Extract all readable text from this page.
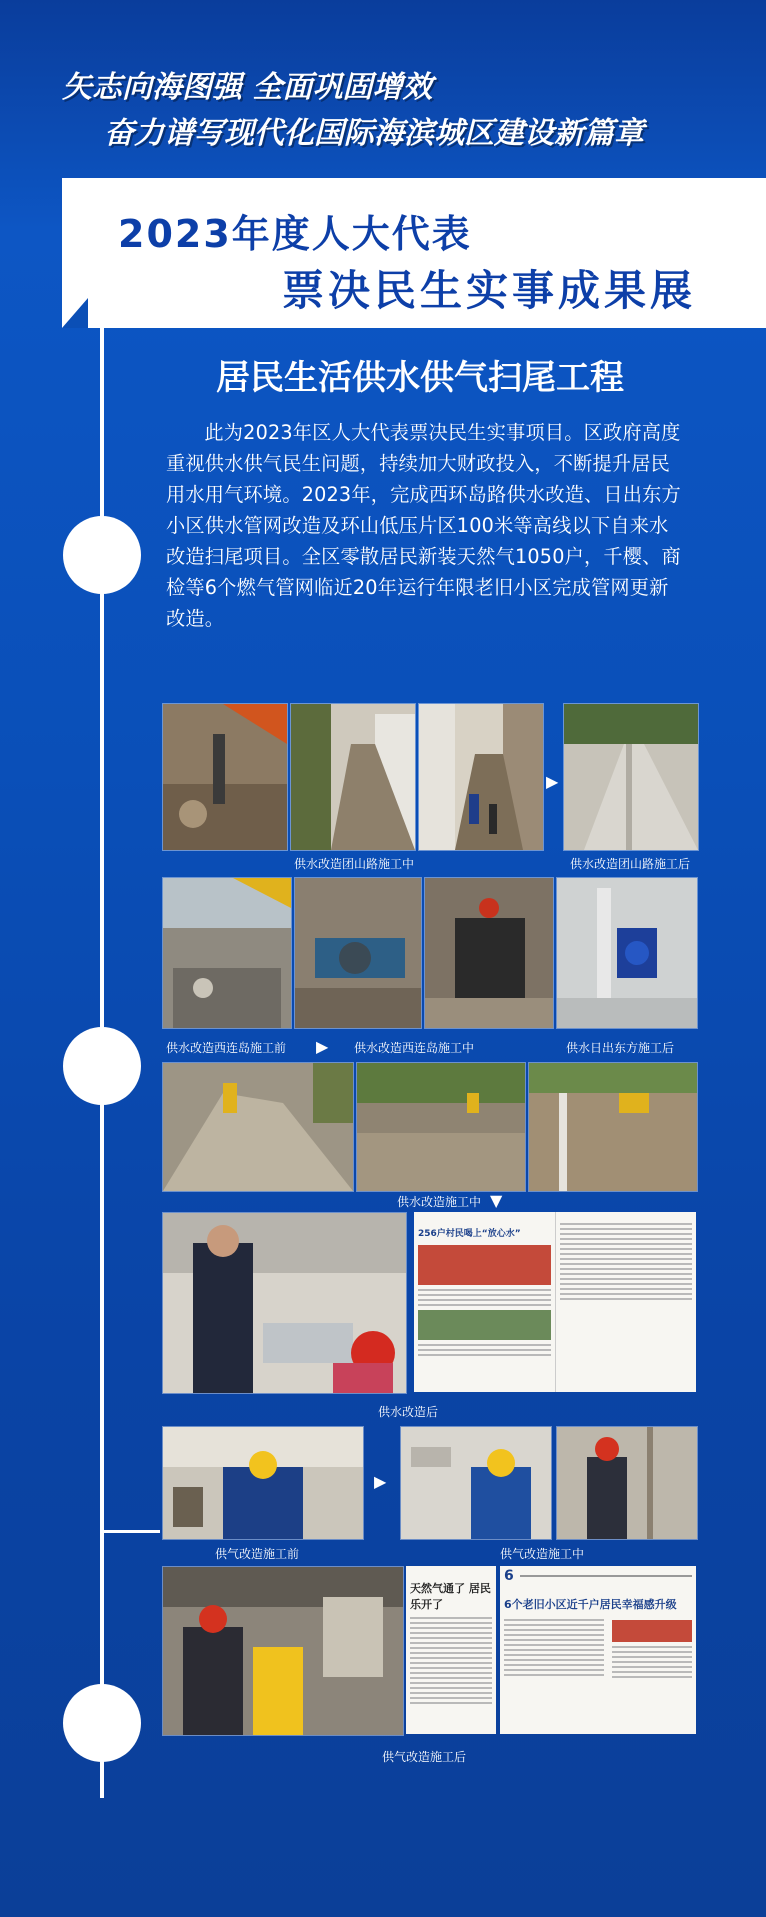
矢志向海图强 全面巩固增效
奋力谱写现代化国际海滨城区建设新篇章
2023年度人大代表
票决民生实事成果展
居民生活供水供气扫尾工程
此为2023年区人大代表票决民生实事项目。区政府高度重视供水供气民生问题，持续加大财政投入，不断提升居民用水用气环境。2023年，完成西环岛路供水改造、日出东方小区供水管网改造及环山低压片区100米等高线以下自来水改造扫尾项目。全区零散居民新装天然气1050户，千樱、商检等6个燃气管网临近20年运行年限老旧小区完成管网更新改造。
▶
供水改造团山路施工中	供水改造团山路施工后
供水改造西连岛施工前 ▶ 供水改造西连岛施工中	供水日出东方施工后
供水改造施工中 ▼
256户村民喝上“放心水”
供水改造后
▶
供气改造施工前	供气改造施工中
天然气通了 居民乐开了
6
6个老旧小区近千户居民幸福感升级
供气改造施工后
